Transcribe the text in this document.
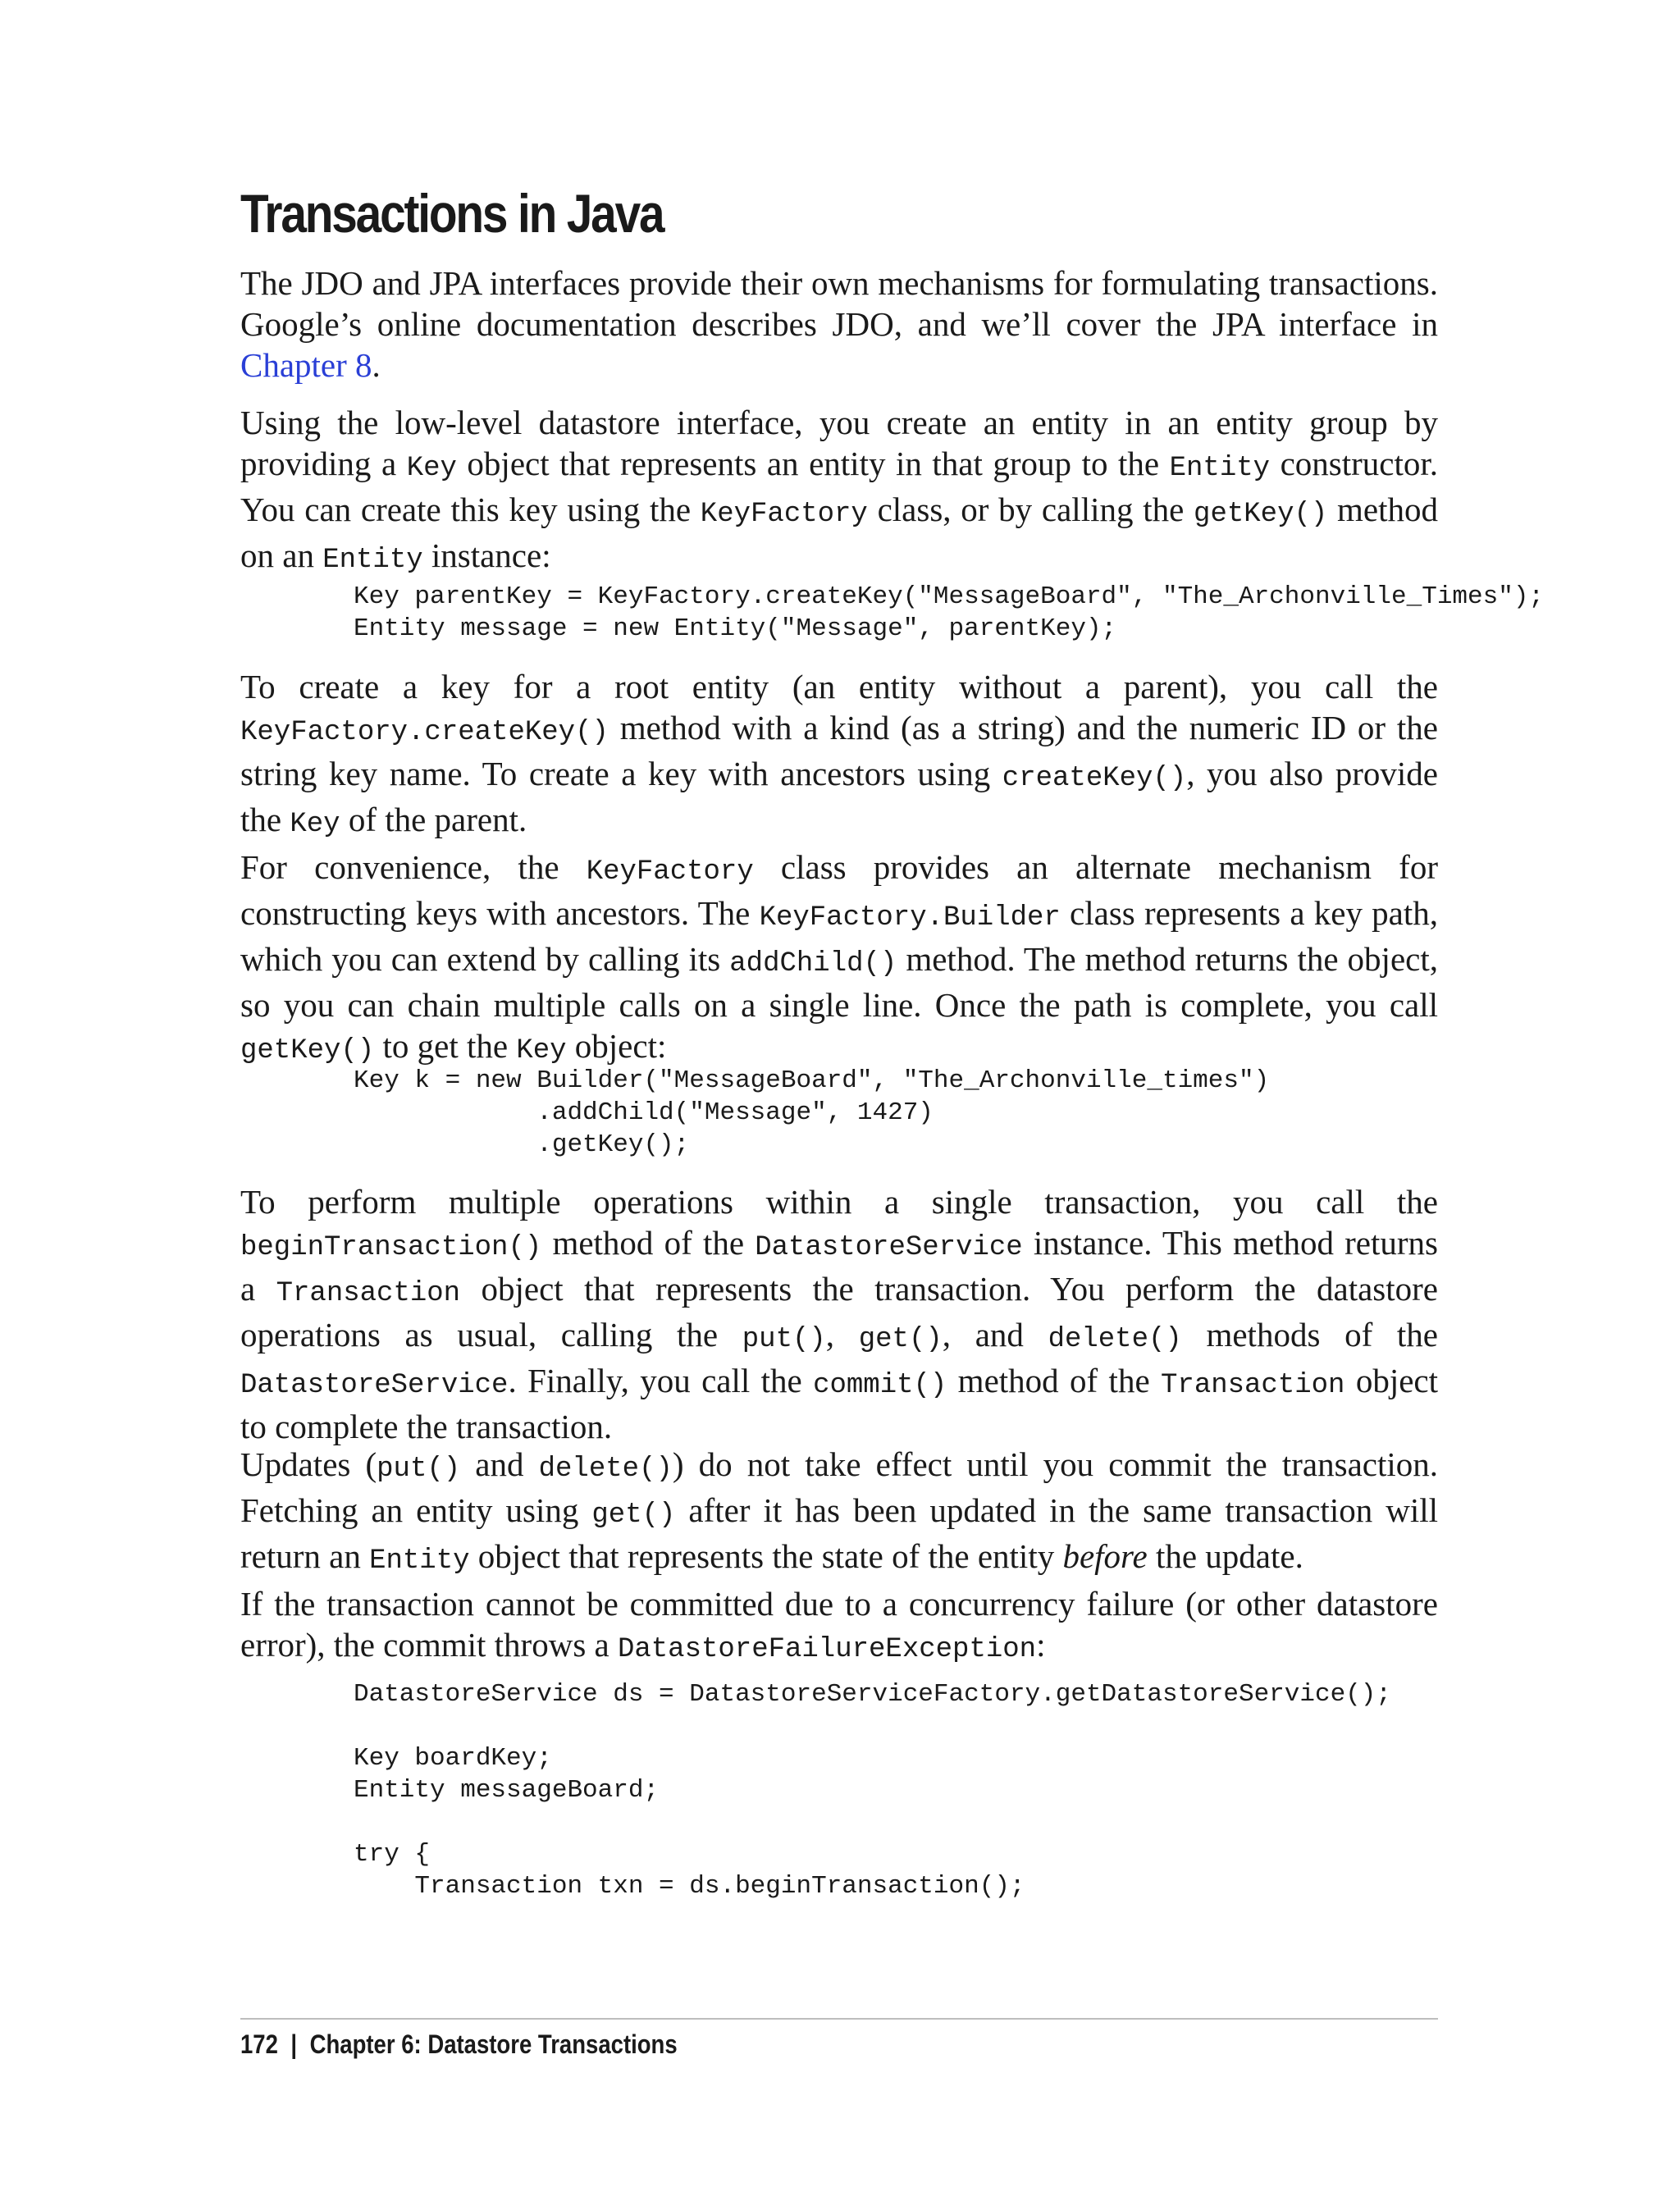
Transactions in Java

The JDO and JPA interfaces provide their own mechanisms for formulating transactions. Google’s online documentation describes JDO, and we’ll cover the JPA interface in Chapter 8.

Using the low-level datastore interface, you create an entity in an entity group by providing a Key object that represents an entity in that group to the Entity constructor. You can create this key using the KeyFactory class, or by calling the getKey() method on an Entity instance:

Key parentKey = KeyFactory.createKey("MessageBoard", "The_Archonville_Times");
Entity message = new Entity("Message", parentKey);

To create a key for a root entity (an entity without a parent), you call the KeyFactory.createKey() method with a kind (as a string) and the numeric ID or the string key name. To create a key with ancestors using createKey(), you also provide the Key of the parent.

For convenience, the KeyFactory class provides an alternate mechanism for constructing keys with ancestors. The KeyFactory.Builder class represents a key path, which you can extend by calling its addChild() method. The method returns the object, so you can chain multiple calls on a single line. Once the path is complete, you call getKey() to get the Key object:

Key k = new Builder("MessageBoard", "The_Archonville_times")
.addChild("Message", 1427)
.getKey();

To perform multiple operations within a single transaction, you call the beginTransaction() method of the DatastoreService instance. This method returns a Transaction object that represents the transaction. You perform the datastore operations as usual, calling the put(), get(), and delete() methods of the DatastoreService. Finally, you call the commit() method of the Transaction object to complete the transaction.

Updates (put() and delete()) do not take effect until you commit the transaction. Fetching an entity using get() after it has been updated in the same transaction will return an Entity object that represents the state of the entity before the update.

If the transaction cannot be committed due to a concurrency failure (or other datastore error), the commit throws a DatastoreFailureException:

DatastoreService ds = DatastoreServiceFactory.getDatastoreService();

Key boardKey;
Entity messageBoard;

try {
Transaction txn = ds.beginTransaction();
172 | Chapter 6: Datastore Transactions
